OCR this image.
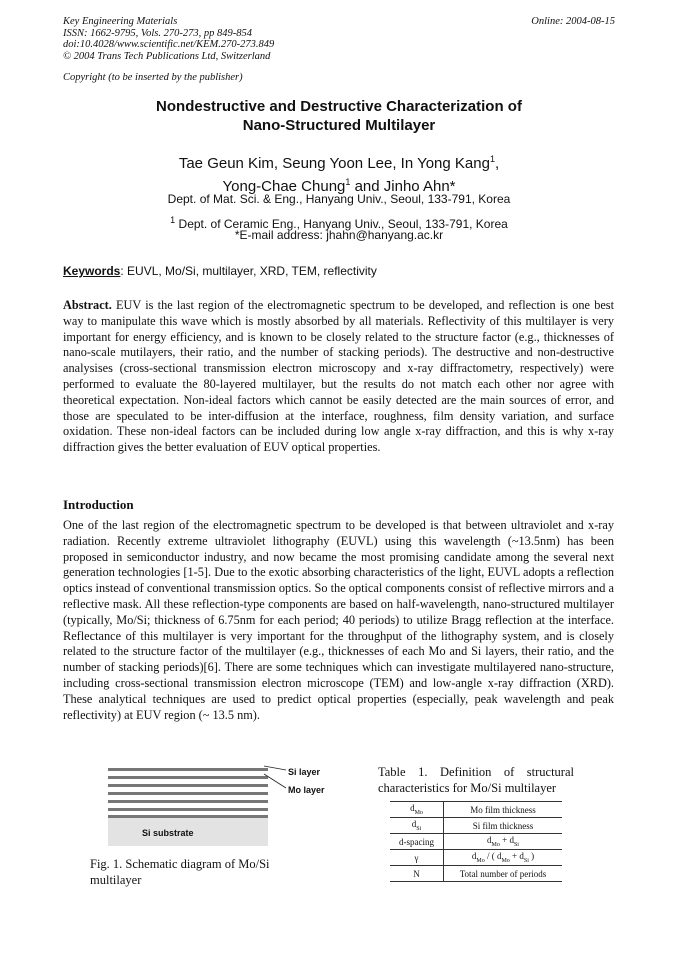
Key Engineering Materials
ISSN: 1662-9795, Vols. 270-273, pp 849-854
doi:10.4028/www.scientific.net/KEM.270-273.849
© 2004 Trans Tech Publications Ltd, Switzerland
Online: 2004-08-15
Copyright (to be inserted by the publisher)
Nondestructive and Destructive Characterization of
Nano-Structured Multilayer
Tae Geun Kim, Seung Yoon Lee, In Yong Kang$^1$,
Yong-Chae Chung$^1$ and Jinho Ahn*
Dept. of Mat. Sci. & Eng., Hanyang Univ., Seoul, 133-791, Korea
$^1$ Dept. of Ceramic Eng., Hanyang Univ., Seoul, 133-791, Korea
*E-mail address: jhahn@hanyang.ac.kr
Keywords: EUVL, Mo/Si, multilayer, XRD, TEM, reflectivity

Abstract. EUV is the last region of the electromagnetic spectrum to be developed, and reflection is one best way to manipulate this wave which is mostly absorbed by all materials. Reflectivity of this multilayer is very important for energy efficiency, and is known to be closely related to the structure factor (e.g., thicknesses of nano-scale mutilayers, their ratio, and the number of stacking periods). The destructive and non-destructive analysises (cross-sectional transmission electron microscopy and x-ray diffractometry, respectively) were performed to evaluate the 80-layered multilayer, but the results do not match each other nor agree with theoretical expectation. Non-ideal factors which cannot be easily detected are the main sources of error, and those are speculated to be inter-diffusion at the interface, roughness, film density variation, and surface oxidation. These non-ideal factors can be included during low angle x-ray diffraction, and this is why x-ray diffraction gives the better evaluation of EUV optical properties.

Introduction

One of the last region of the electromagnetic spectrum to be developed is that between ultraviolet and x-ray radiation. Recently extreme ultraviolet lithography (EUVL) using this wavelength (~13.5nm) has been proposed in semiconductor industry, and now became the most promising candidate among the several next generation technologies [1-5]. Due to the exotic absorbing characteristics of the light, EUVL adopts a reflection optics instead of conventional transmission optics. So the optical components consist of reflective mirrors and a reflective mask. All these reflection-type components are based on half-wavelength, nano-structured multilayer (typically, Mo/Si; thickness of 6.75nm for each period; 40 periods) to utilize Bragg reflection at the interface. Reflectance of this multilayer is very important for the throughput of the lithography system, and is closely related to the structure factor of the multilayer (e.g., thicknesses of each Mo and Si layers, their ratio, and the number of stacking periods)[6]. There are some techniques which can investigate multilayered nano-structure, including cross-sectional transmission electron microscope (TEM) and low-angle x-ray diffraction (XRD). These analytical techniques are used to predict optical properties (especially, peak wavelength and peak reflectivity) at EUV region (~ 13.5 nm).

Si substrate
Si layer
Mo layer
Fig. 1. Schematic diagram of Mo/Si multilayer
Table 1. Definition of structural characteristics for Mo/Si multilayer
$d_{Mo}$	Mo film thickness
$d_{Si}$	Si film thickness
d-spacing	$d_{Mo} + d_{Si}$
γ	$d_{Mo}$ / ( $d_{Mo} + d_{Si}$ )
N	Total number of periods
